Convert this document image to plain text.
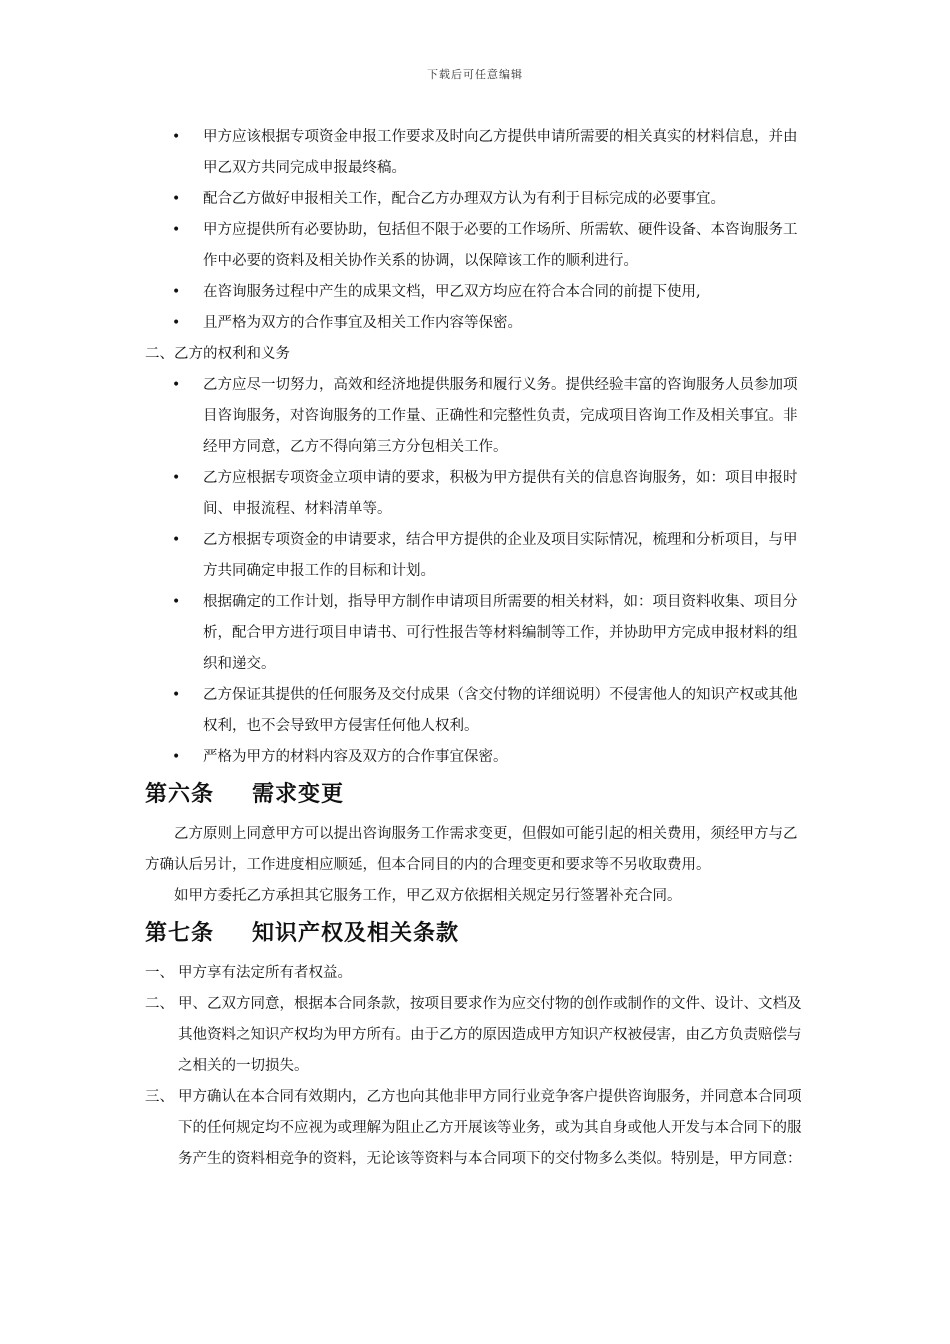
下载后可任意编辑
• 甲方应该根据专项资金申报工作要求及时向乙方提供申请所需要的相关真实的材料信息，并由甲乙双方共同完成申报最终稿。
• 配合乙方做好申报相关工作，配合乙方办理双方认为有利于目标完成的必要事宜。
• 甲方应提供所有必要协助，包括但不限于必要的工作场所、所需软、硬件设备、本咨询服务工作中必要的资料及相关协作关系的协调，以保障该工作的顺利进行。
• 在咨询服务过程中产生的成果文档，甲乙双方均应在符合本合同的前提下使用,
• 且严格为双方的合作事宜及相关工作内容等保密。
二、乙方的权利和义务
• 乙方应尽一切努力，高效和经济地提供服务和履行义务。提供经验丰富的咨询服务人员参加项目咨询服务，对咨询服务的工作量、正确性和完整性负责，完成项目咨询工作及相关事宜。非经甲方同意，乙方不得向第三方分包相关工作。
• 乙方应根据专项资金立项申请的要求，积极为甲方提供有关的信息咨询服务，如：项目申报时间、申报流程、材料清单等。
• 乙方根据专项资金的申请要求，结合甲方提供的企业及项目实际情况，梳理和分析项目，与甲方共同确定申报工作的目标和计划。
• 根据确定的工作计划，指导甲方制作申请项目所需要的相关材料，如：项目资料收集、项目分析，配合甲方进行项目申请书、可行性报告等材料编制等工作，并协助甲方完成申报材料的组织和递交。
• 乙方保证其提供的任何服务及交付成果（含交付物的详细说明）不侵害他人的知识产权或其他权利，也不会导致甲方侵害任何他人权利。
• 严格为甲方的材料内容及双方的合作事宜保密。
第六条 需求变更

乙方原则上同意甲方可以提出咨询服务工作需求变更，但假如可能引起的相关费用，须经甲方与乙方确认后另计，工作进度相应顺延，但本合同目的内的合理变更和要求等不另收取费用。

如甲方委托乙方承担其它服务工作，甲乙双方依据相关规定另行签署补充合同。

第七条 知识产权及相关条款
一、 甲方享有法定所有者权益。
二、 甲、乙双方同意，根据本合同条款，按项目要求作为应交付物的创作或制作的文件、设计、文档及其他资料之知识产权均为甲方所有。由于乙方的原因造成甲方知识产权被侵害，由乙方负责赔偿与之相关的一切损失。
三、 甲方确认在本合同有效期内，乙方也向其他非甲方同行业竞争客户提供咨询服务，并同意本合同项下的任何规定均不应视为或理解为阻止乙方开展该等业务，或为其自身或他人开发与本合同下的服务产生的资料相竞争的资料，无论该等资料与本合同项下的交付物多么类似。特别是，甲方同意：
